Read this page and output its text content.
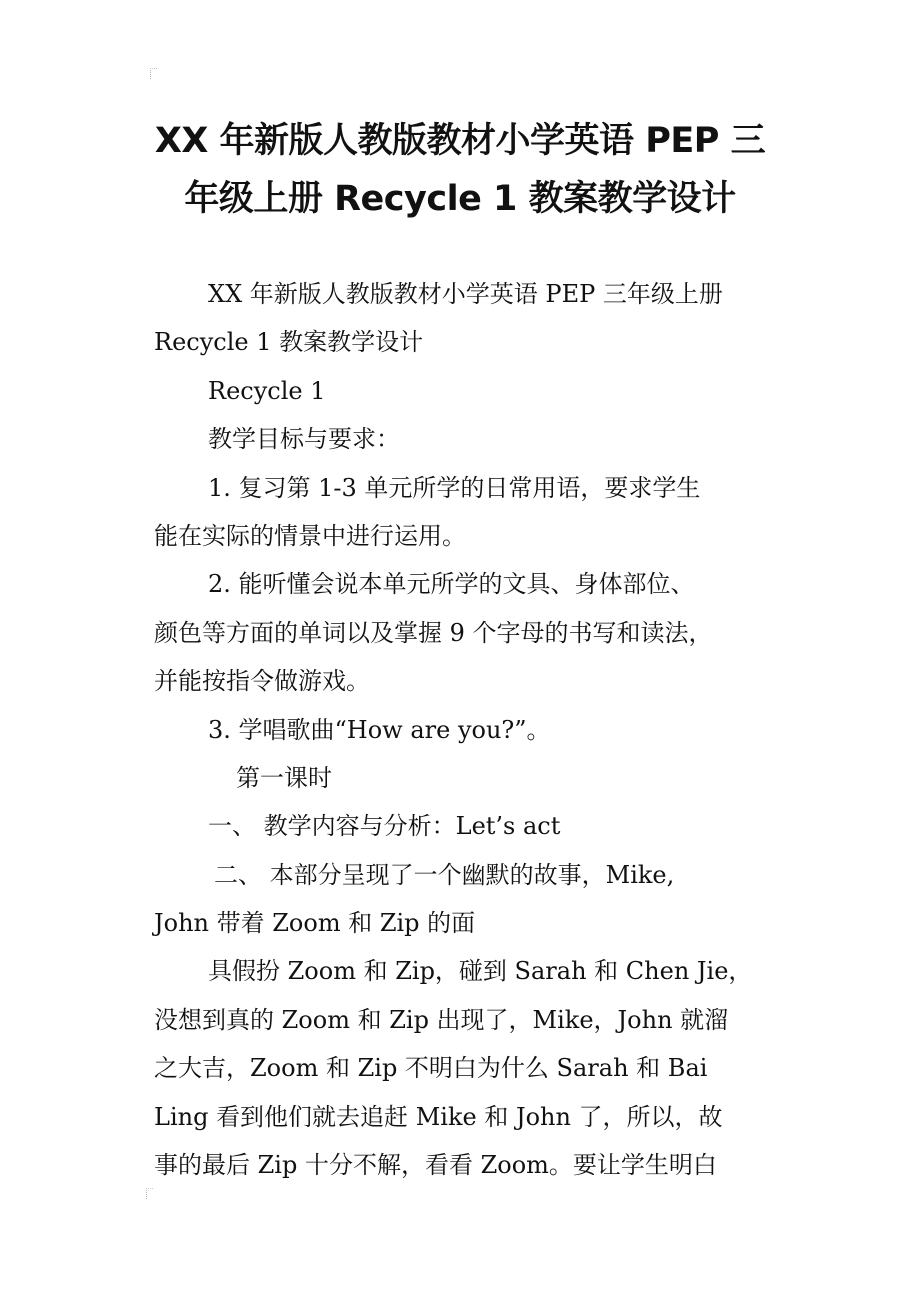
XX 年新版人教版教材小学英语 PEP 三
年级上册 Recycle 1 教案教学设计
XX 年新版人教版教材小学英语 PEP 三年级上册
Recycle 1 教案教学设计
Recycle 1
教学目标与要求：
1. 复习第 1-3 单元所学的日常用语，要求学生
能在实际的情景中进行运用。
2. 能听懂会说本单元所学的文具、身体部位、
颜色等方面的单词以及掌握 9 个字母的书写和读法，
并能按指令做游戏。
3. 学唱歌曲“How are you?”。
第一课时
一、 教学内容与分析：Let’s act
二、 本部分呈现了一个幽默的故事，Mike,
John 带着 Zoom 和 Zip 的面
具假扮 Zoom 和 Zip，碰到 Sarah 和 Chen Jie，
没想到真的 Zoom 和 Zip 出现了，Mike，John 就溜
之大吉，Zoom 和 Zip 不明白为什么 Sarah 和 Bai
Ling 看到他们就去追赶 Mike 和 John 了，所以，故
事的最后 Zip 十分不解，看看 Zoom。要让学生明白
